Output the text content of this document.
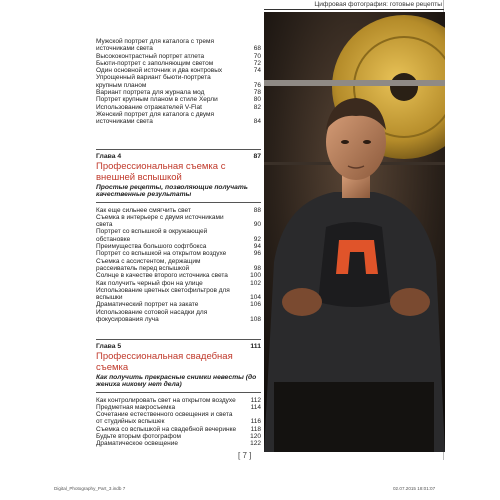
Цифровая фотография: готовые рецепты
Мужской портрет для каталога с тремя источниками света	68
Высококонтрастный портрет атлета	70
Бьюти-портрет с заполняющим светом	72
Один основной источник и два контровых	74
Упрощенный вариант бьюти-портрета крупным планом	76
Вариант портрета для журнала мод	78
Портрет крупным планом в стиле Херли	80
Использование отражателей V-Flat	82
Женский портрет для каталога с двумя источниками света	84
Глава 4	87
Профессиональная съемка с внешней вспышкой
Простые рецепты, позволяющие получать качественные результаты
Как еще сильнее смягчить свет	88
Съемка в интерьере с двумя источниками света	90
Портрет со вспышкой в окружающей обстановке	92
Преимущества большого софтбокса	94
Портрет со вспышкой на открытом воздухе	96
Съемка с ассистентом, держащим рассеиватель перед вспышкой	98
Солнце в качестве второго источника света	100
Как получить черный фон на улице	102
Использование цветных светофильтров для вспышки	104
Драматический портрет на закате	106
Использование сотовой насадки для фокусирования луча	108
Глава 5	111
Профессиональная свадебная съемка
Как получить прекрасные снимки невесты (до жениха никому нет дела)
Как контролировать свет на открытом воздухе	112
Предметная макросъемка	114
Сочетание естественного освещения и света от студийных вспышек	116
Съемка со вспышкой на свадебной вечеринке	118
Будьте вторым фотографом	120
Драматическое освещение	122
[ 7 ]
Digital_Photography_Part_3.indb 7	02.07.2015 18:01:07
